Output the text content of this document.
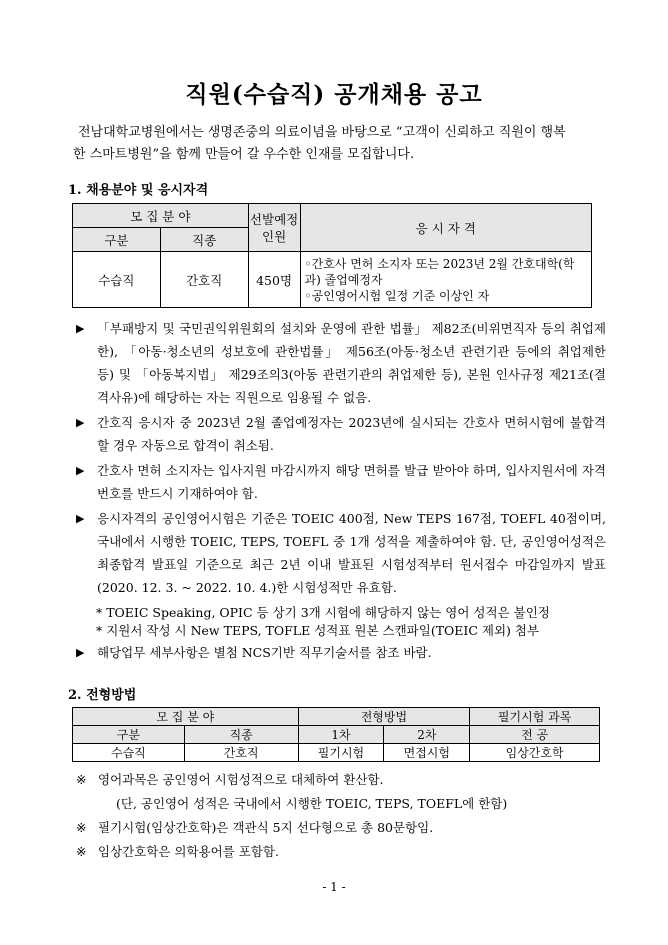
직원(수습직) 공개채용 공고

전남대학교병원에서는 생명존중의 의료이념을 바탕으로 “고객이 신뢰하고 직원이 행복

한 스마트병원”을 함께 만들어 갈 우수한 인재를 모집합니다.

1. 채용분야 및 응시자격
모 집 분 야		선발예정 인원	응 시 자 격
구분	직종		
수습직	간호직	450명	◦간호사 면허 소지자 또는 2023년 2월 간호대학(학과) 졸업예정자
◦공인영어시험 일정 기준 이상인 자
▶ 「부패방지 및 국민권익위원회의 설치와 운영에 관한 법률」 제82조(비위면직자 등의 취업제한), 「아동·청소년의 성보호에 관한법률」 제56조(아동·청소년 관련기관 등에의 취업제한 등) 및 「아동복지법」 제29조의3(아동 관련기관의 취업제한 등), 본원 인사규정 제21조(결격사유)에 해당하는 자는 직원으로 임용될 수 없음.
▶ 간호직 응시자 중 2023년 2월 졸업예정자는 2023년에 실시되는 간호사 면허시험에 불합격 할 경우 자동으로 합격이 취소됨.
▶ 간호사 면허 소지자는 입사지원 마감시까지 해당 면허를 발급 받아야 하며, 입사지원서에 자격번호를 반드시 기재하여야 함.
▶ 응시자격의 공인영어시험은 기준은 TOEIC 400점, New TEPS 167점, TOEFL 40점이며, 국내에서 시행한 TOEIC, TEPS, TOEFL 중 1개 성적을 제출하여야 함. 단, 공인영어성적은 최종합격 발표일 기준으로 최근 2년 이내 발표된 시험성적부터 원서접수 마감일까지 발표(2020. 12. 3. ~ 2022. 10. 4.)한 시험성적만 유효함.
* TOEIC Speaking, OPIC 등 상기 3개 시험에 해당하지 않는 영어 성적은 불인정
* 지원서 작성 시 New TEPS, TOFLE 성적표 원본 스캔파일(TOEIC 제외) 첨부
▶ 해당업무 세부사항은 별첨 NCS기반 직무기술서를 참조 바람.
2. 전형방법
모 집 분 야		전형방법		필기시험 과목
구분	직종	1차	2차	전 공
수습직	간호직	필기시험	면접시험	임상간호학
※ 영어과목은 공인영어 시험성적으로 대체하여 환산함.
(단, 공인영어 성적은 국내에서 시행한 TOEIC, TEPS, TOEFL에 한함)
※ 필기시험(임상간호학)은 객관식 5지 선다형으로 총 80문항임.
※ 임상간호학은 의학용어를 포함함.
- 1 -
